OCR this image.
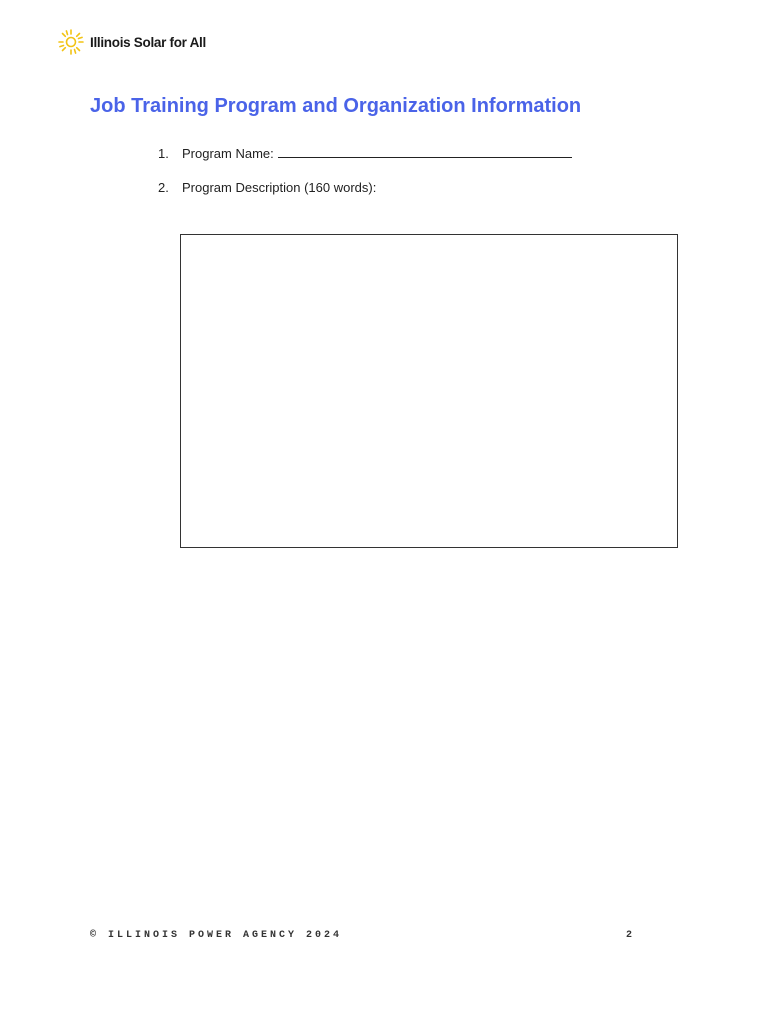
Illinois Solar for All
Job Training Program and Organization Information
1.	Program Name:
2.	Program Description (160 words):
© ILLINOIS POWER AGENCY 2024	2
